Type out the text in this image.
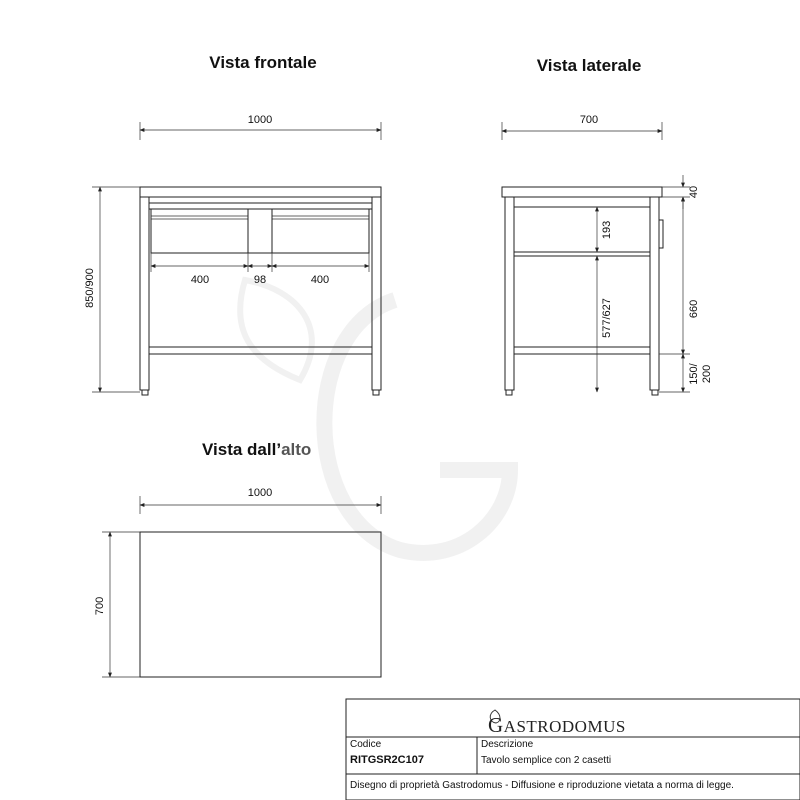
Vista frontale
1000
400	98	400
850/900
Vista laterale
700
193
577/627
40
660
150/ 200
Vista dall’alto
1000
700
GASTRODOMUS
Codice
RITGSR2C107
Descrizione
Tavolo semplice con 2 casetti
Disegno di proprietà Gastrodomus - Diffusione e riproduzione vietata a norma di legge.
